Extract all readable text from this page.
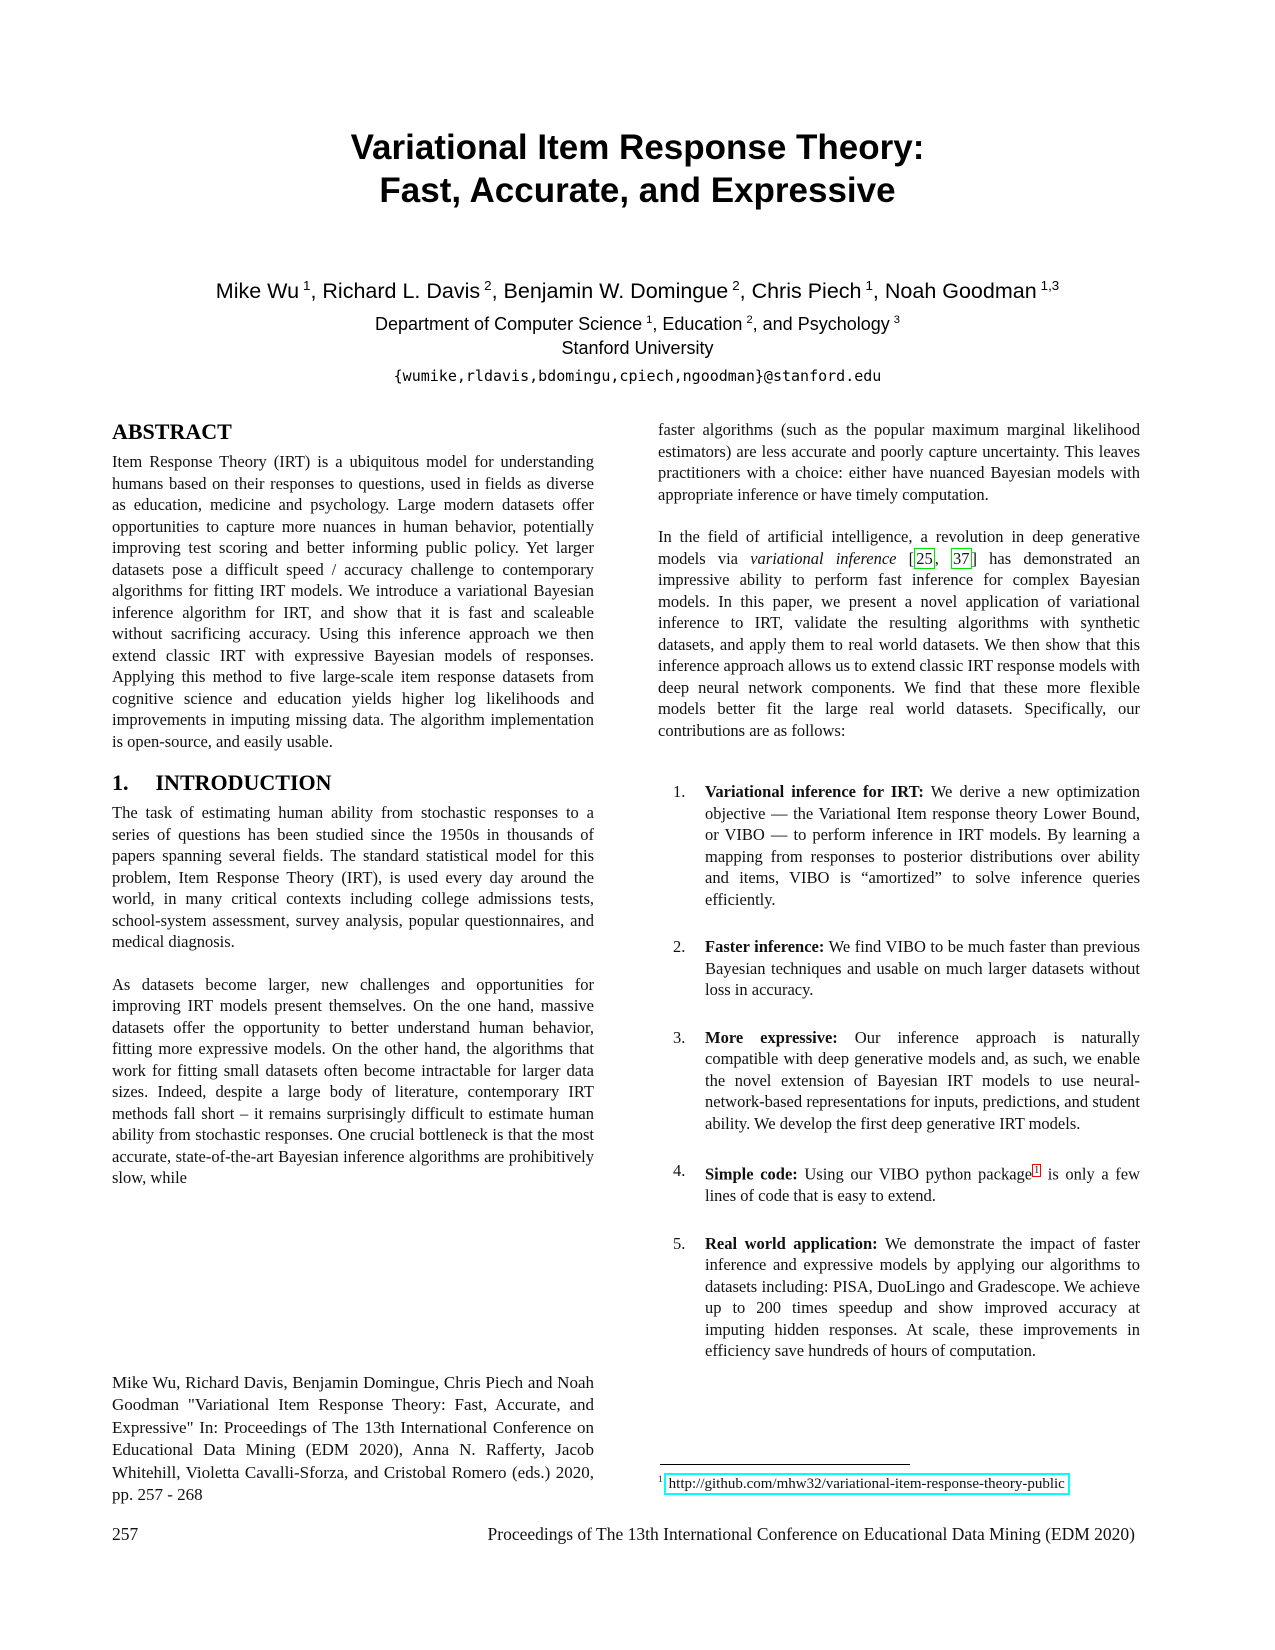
Variational Item Response Theory:
Fast, Accurate, and Expressive
Mike Wu $^1$, Richard L. Davis $^2$, Benjamin W. Domingue $^2$, Chris Piech $^1$, Noah Goodman $^{1,3}$
Department of Computer Science $^1$, Education $^2$, and Psychology $^3$
Stanford University
{wumike,rldavis,bdomingu,cpiech,ngoodman}@stanford.edu
ABSTRACT

Item Response Theory (IRT) is a ubiquitous model for understanding humans based on their responses to questions, used in fields as diverse as education, medicine and psychology. Large modern datasets offer opportunities to capture more nuances in human behavior, potentially improving test scoring and better informing public policy. Yet larger datasets pose a difficult speed / accuracy challenge to contemporary algorithms for fitting IRT models. We introduce a variational Bayesian inference algorithm for IRT, and show that it is fast and scaleable without sacrificing accuracy. Using this inference approach we then extend classic IRT with expressive Bayesian models of responses. Applying this method to five large-scale item response datasets from cognitive science and education yields higher log likelihoods and improvements in imputing missing data. The algorithm implementation is open-source, and easily usable.

1. INTRODUCTION

The task of estimating human ability from stochastic responses to a series of questions has been studied since the 1950s in thousands of papers spanning several fields. The standard statistical model for this problem, Item Response Theory (IRT), is used every day around the world, in many critical contexts including college admissions tests, school-system assessment, survey analysis, popular questionnaires, and medical diagnosis.

As datasets become larger, new challenges and opportunities for improving IRT models present themselves. On the one hand, massive datasets offer the opportunity to better understand human behavior, fitting more expressive models. On the other hand, the algorithms that work for fitting small datasets often become intractable for larger data sizes. Indeed, despite a large body of literature, contemporary IRT methods fall short – it remains surprisingly difficult to estimate human ability from stochastic responses. One crucial bottleneck is that the most accurate, state-of-the-art Bayesian inference algorithms are prohibitively slow, while

faster algorithms (such as the popular maximum marginal likelihood estimators) are less accurate and poorly capture uncertainty. This leaves practitioners with a choice: either have nuanced Bayesian models with appropriate inference or have timely computation.

In the field of artificial intelligence, a revolution in deep generative models via variational inference [ 25 , 37 ] has demonstrated an impressive ability to perform fast inference for complex Bayesian models. In this paper, we present a novel application of variational inference to IRT, validate the resulting algorithms with synthetic datasets, and apply them to real world datasets. We then show that this inference approach allows us to extend classic IRT response models with deep neural network components. We find that these more flexible models better fit the large real world datasets. Specifically, our contributions are as follows:

1. Variational inference for IRT: We derive a new optimization objective — the Variational Item response theory Lower Bound, or VIBO — to perform inference in IRT models. By learning a mapping from responses to posterior distributions over ability and items, VIBO is “amortized” to solve inference queries efficiently.
2. Faster inference: We find VIBO to be much faster than previous Bayesian techniques and usable on much larger datasets without loss in accuracy.
3. More expressive: Our inference approach is naturally compatible with deep generative models and, as such, we enable the novel extension of Bayesian IRT models to use neural-network-based representations for inputs, predictions, and student ability. We develop the first deep generative IRT models.
4. Simple code: Using our VIBO python package $^1$ is only a few lines of code that is easy to extend.
5. Real world application: We demonstrate the impact of faster inference and expressive models by applying our algorithms to datasets including: PISA, DuoLingo and Gradescope. We achieve up to 200 times speedup and show improved accuracy at imputing hidden responses. At scale, these improvements in efficiency save hundreds of hours of computation.
$^1$ http://github.com/mhw32/variational-item-response-theory-public
Mike Wu, Richard Davis, Benjamin Domingue, Chris Piech and Noah Goodman "Variational Item Response Theory: Fast, Accurate, and Expressive" In: Proceedings of The 13th International Conference on Educational Data Mining (EDM 2020), Anna N. Rafferty, Jacob Whitehill, Violetta Cavalli-Sforza, and Cristobal Romero (eds.) 2020, pp. 257 - 268
257	Proceedings of The 13th International Conference on Educational Data Mining (EDM 2020)
